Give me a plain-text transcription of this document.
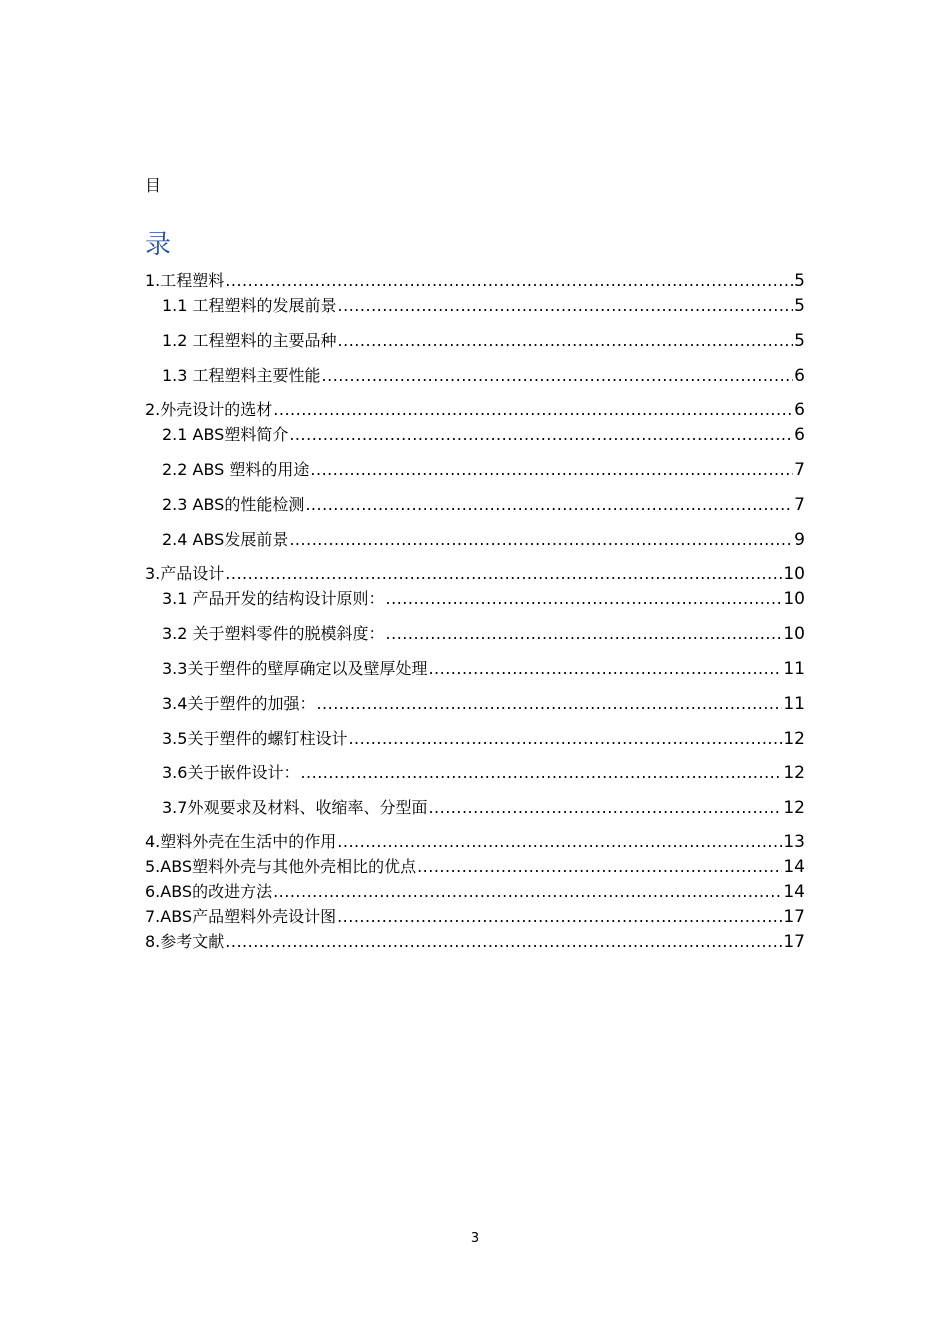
目
录
1.工程塑料 .....	5
1.1 工程塑料的发展前景 .....	5
1.2 工程塑料的主要品种 .....	5
1.3 工程塑料主要性能 .....	6
2.外壳设计的选材 .....	6
2.1 ABS塑料简介 .....	6
2.2 ABS 塑料的用途 .....	7
2.3 ABS的性能检测 .....	7
2.4 ABS发展前景 .....	9
3.产品设计 .....	10
3.1 产品开发的结构设计原则： .....	10
3.2 关于塑料零件的脱模斜度： .....	10
3.3关于塑件的壁厚确定以及壁厚处理 .....	11
3.4关于塑件的加强： .....	11
3.5关于塑件的螺钉柱设计 .....	12
3.6关于嵌件设计： .....	12
3.7外观要求及材料、收缩率、分型面 .....	12
4.塑料外壳在生活中的作用 .....	13
5.ABS塑料外壳与其他外壳相比的优点 .....	14
6.ABS的改进方法 .....	14
7.ABS产品塑料外壳设计图 .....	17
8.参考文献 .....	17
3
